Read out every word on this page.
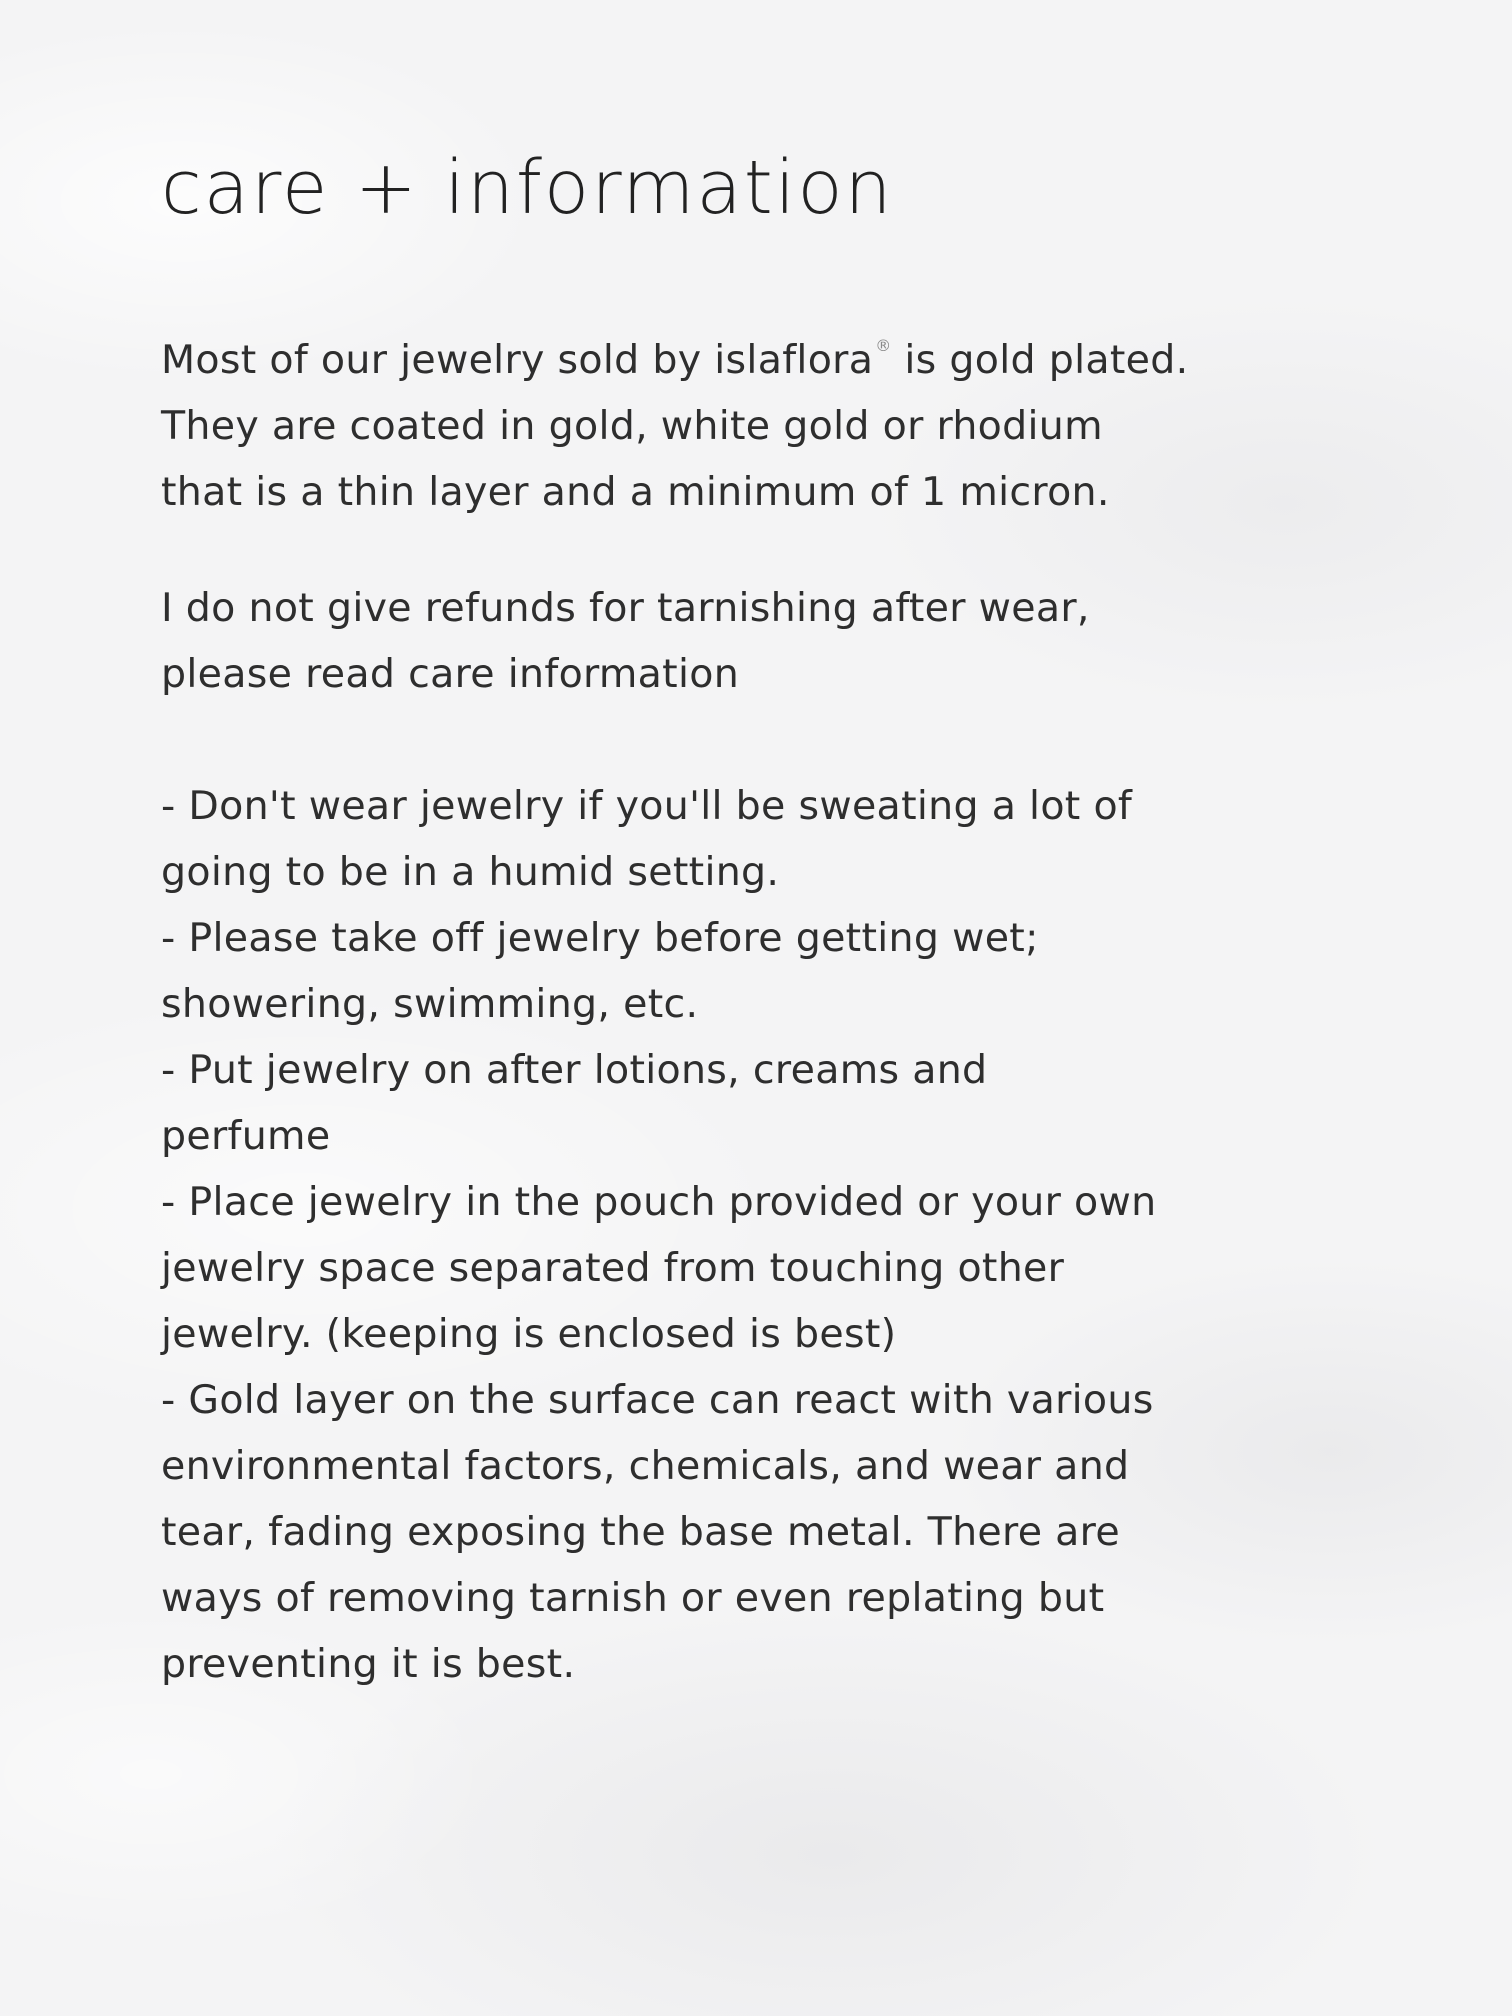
care + information

Most of our jewelry sold by islaflora ® is gold plated.
They are coated in gold, white gold or rhodium
that is a thin layer and a minimum of 1 micron.

I do not give refunds for tarnishing after wear,
please read care information

- Don't wear jewelry if you'll be sweating a lot of
going to be in a humid setting.
- Please take off jewelry before getting wet;
showering, swimming, etc.
- Put jewelry on after lotions, creams and
perfume
- Place jewelry in the pouch provided or your own
jewelry space separated from touching other
jewelry. (keeping is enclosed is best)
- Gold layer on the surface can react with various
environmental factors, chemicals, and wear and
tear, fading exposing the base metal. There are
ways of removing tarnish or even replating but
preventing it is best.
